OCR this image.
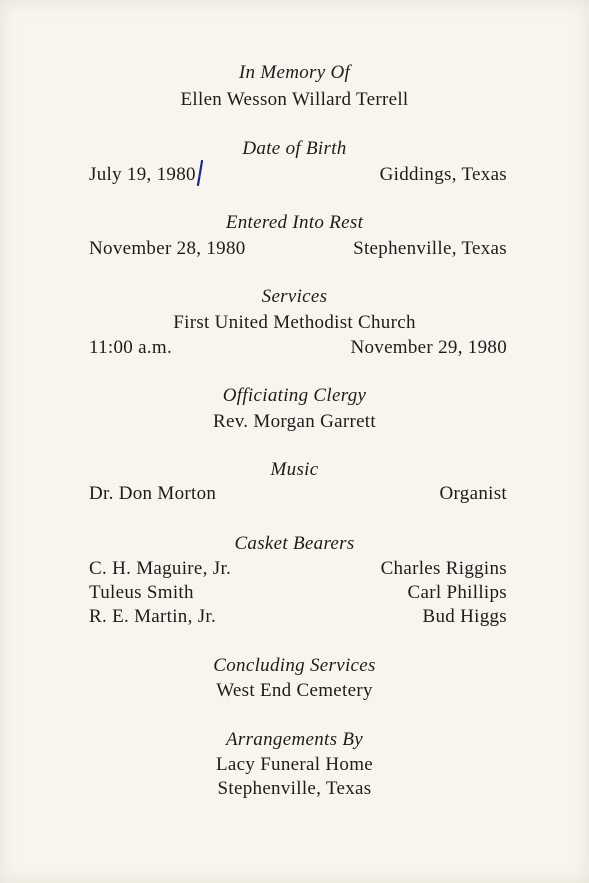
In Memory Of
Ellen Wesson Willard Terrell
Date of Birth
July 19, 1980	Giddings, Texas
Entered Into Rest
November 28, 1980	Stephenville, Texas
Services
First United Methodist Church
11:00 a.m.	November 29, 1980
Officiating Clergy
Rev. Morgan Garrett
Music
Dr. Don Morton	Organist
Casket Bearers
C. H. Maguire, Jr.	Charles Riggins
Tuleus Smith	Carl Phillips
R. E. Martin, Jr.	Bud Higgs
Concluding Services
West End Cemetery
Arrangements By
Lacy Funeral Home
Stephenville, Texas
